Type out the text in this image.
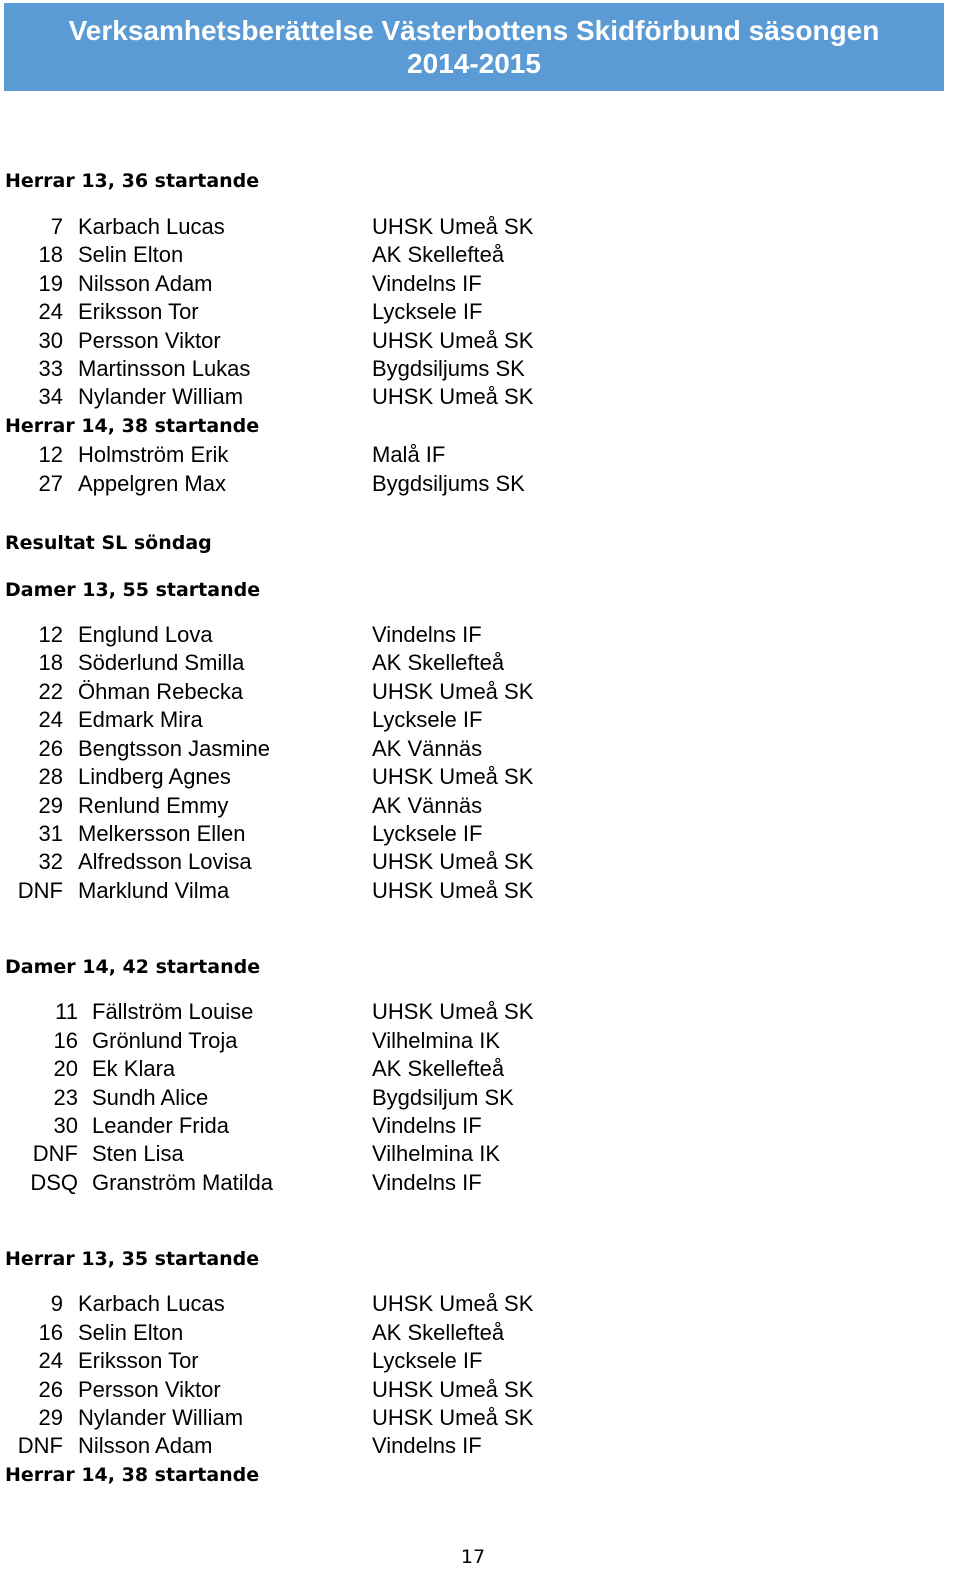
Verksamhetsberättelse Västerbottens Skidförbund säsongen 2014-2015
Herrar 13, 36 startande
7 Karbach Lucas	UHSK Umeå SK
18 Selin Elton	AK Skellefteå
19 Nilsson Adam	Vindelns IF
24 Eriksson Tor	Lycksele IF
30 Persson Viktor	UHSK Umeå SK
33 Martinsson Lukas	Bygdsiljums SK
34 Nylander William	UHSK Umeå SK
Herrar 14, 38 startande
12 Holmström Erik	Malå IF
27 Appelgren Max	Bygdsiljums SK
Resultat SL söndag
Damer 13, 55 startande
12 Englund Lova	Vindelns IF
18 Söderlund Smilla	AK Skellefteå
22 Öhman Rebecka	UHSK Umeå SK
24 Edmark Mira	Lycksele IF
26 Bengtsson Jasmine	AK Vännäs
28 Lindberg Agnes	UHSK Umeå SK
29 Renlund Emmy	AK Vännäs
31 Melkersson Ellen	Lycksele IF
32 Alfredsson Lovisa	UHSK Umeå SK
DNF Marklund Vilma	UHSK Umeå SK
Damer 14, 42 startande
11 Fällström Louise	UHSK Umeå SK
16 Grönlund Troja	Vilhelmina IK
20 Ek Klara	AK Skellefteå
23 Sundh Alice	Bygdsiljum SK
30 Leander Frida	Vindelns IF
DNF Sten Lisa	Vilhelmina IK
DSQ Granström Matilda	Vindelns IF
Herrar 13, 35 startande
9 Karbach Lucas	UHSK Umeå SK
16 Selin Elton	AK Skellefteå
24 Eriksson Tor	Lycksele IF
26 Persson Viktor	UHSK Umeå SK
29 Nylander William	UHSK Umeå SK
DNF Nilsson Adam	Vindelns IF
Herrar 14, 38 startande
17
